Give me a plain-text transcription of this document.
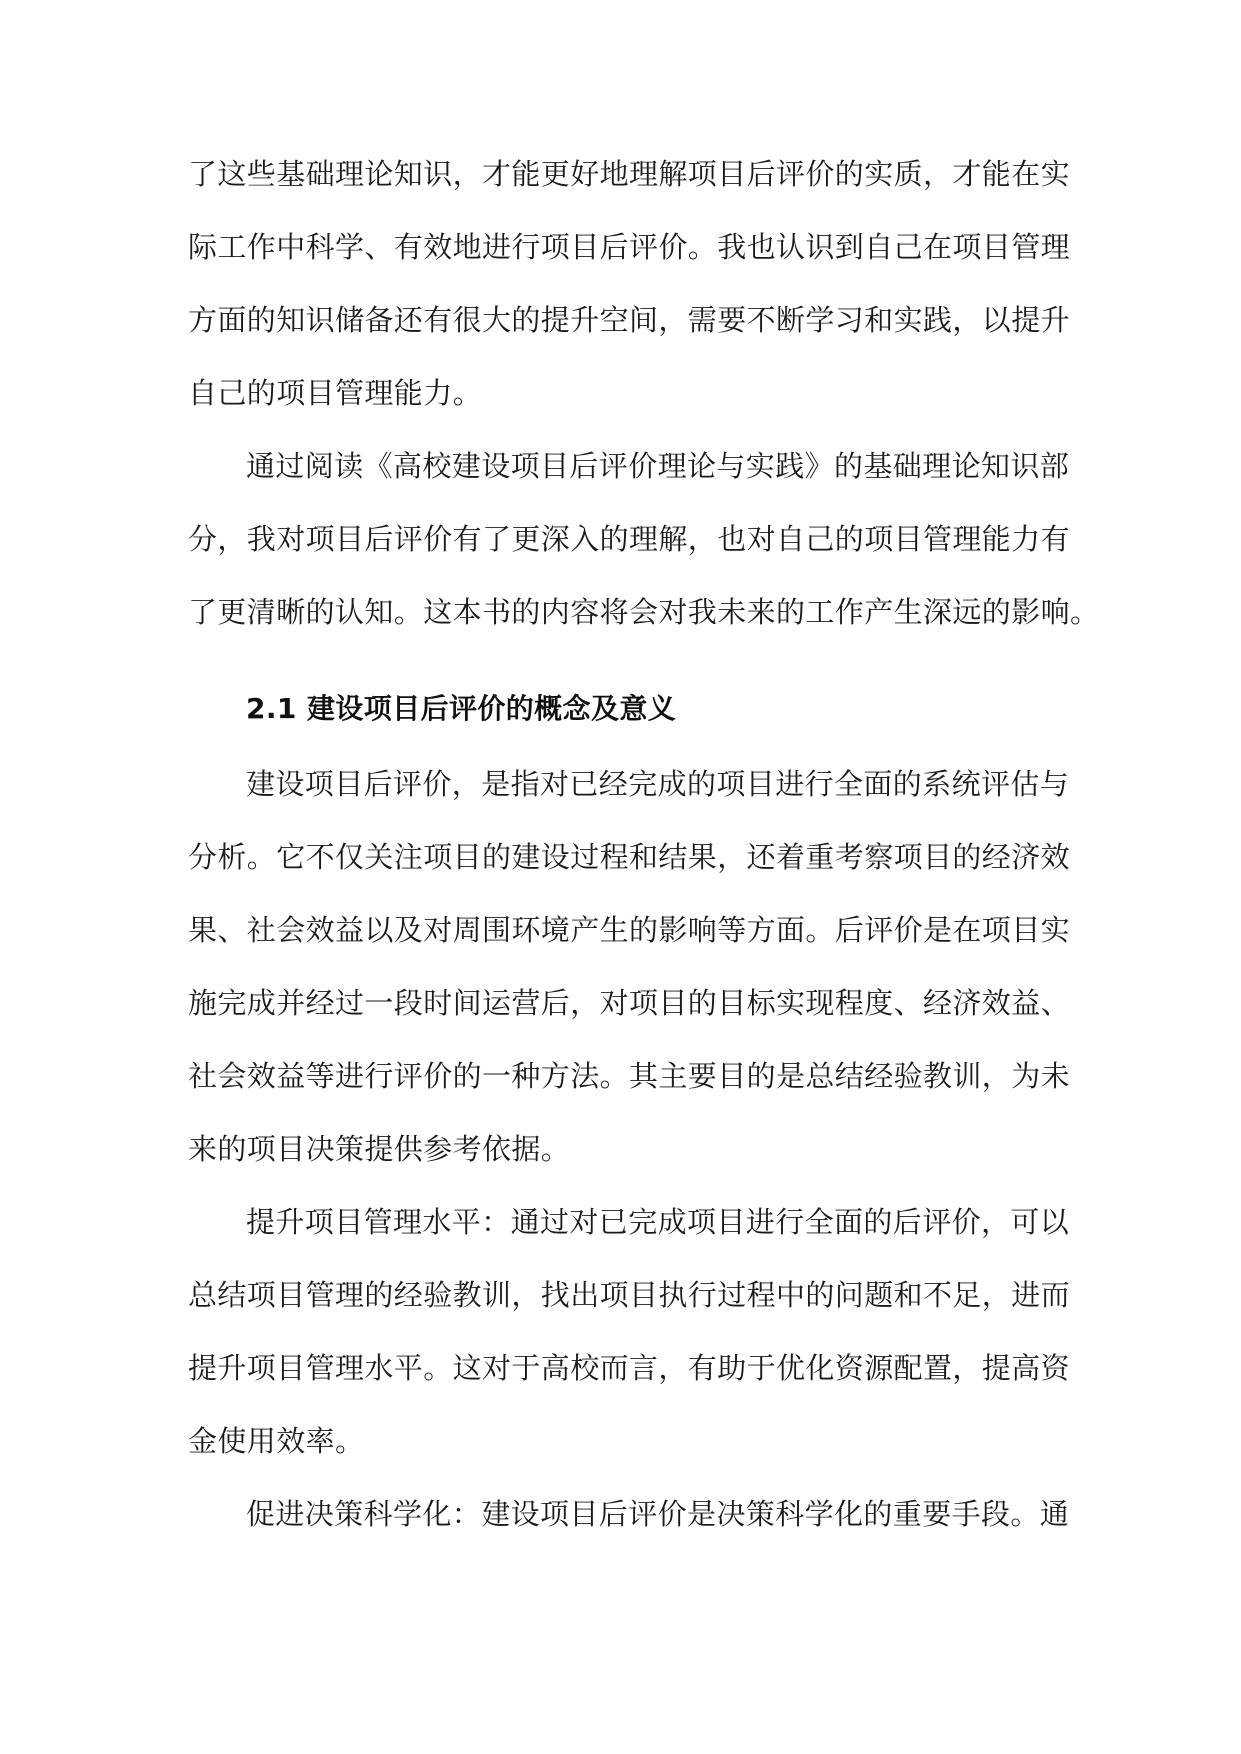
了这些基础理论知识，才能更好地理解项目后评价的实质，才能在实
际工作中科学、有效地进行项目后评价。我也认识到自己在项目管理
方面的知识储备还有很大的提升空间，需要不断学习和实践，以提升
自己的项目管理能力。
通过阅读《高校建设项目后评价理论与实践》的基础理论知识部
分，我对项目后评价有了更深入的理解，也对自己的项目管理能力有
了更清晰的认知。这本书的内容将会对我未来的工作产生深远的影响。
2.1 建设项目后评价的概念及意义
建设项目后评价，是指对已经完成的项目进行全面的系统评估与
分析。它不仅关注项目的建设过程和结果，还着重考察项目的经济效
果、社会效益以及对周围环境产生的影响等方面。后评价是在项目实
施完成并经过一段时间运营后，对项目的目标实现程度、经济效益、
社会效益等进行评价的一种方法。其主要目的是总结经验教训，为未
来的项目决策提供参考依据。
提升项目管理水平：通过对已完成项目进行全面的后评价，可以
总结项目管理的经验教训，找出项目执行过程中的问题和不足，进而
提升项目管理水平。这对于高校而言，有助于优化资源配置，提高资
金使用效率。
促进决策科学化：建设项目后评价是决策科学化的重要手段。通
